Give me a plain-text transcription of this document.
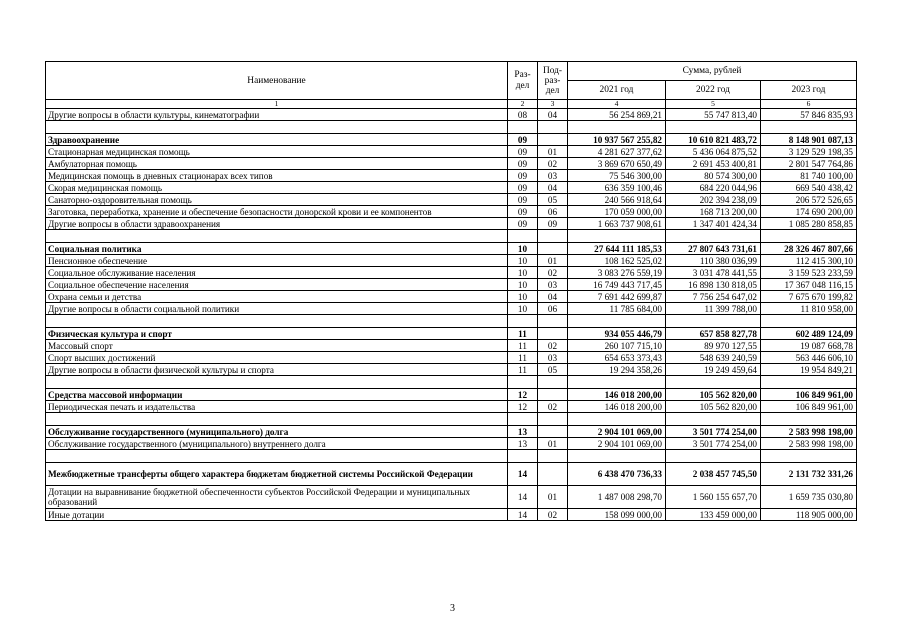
Наименование	Раз-дел	Под-раз-дел	Сумма, рублей		
			2021 год	2022 год	2023 год
1	2	3	4	5	6
Другие вопросы в области культуры, кинематографии	08	04	56 254 869,21	55 747 813,40	57 846 835,93

Здравоохранение	09		10 937 567 255,82	10 610 821 483,72	8 148 901 087,13
Стационарная медицинская помощь	09	01	4 281 627 377,62	5 436 064 875,52	3 129 529 198,35
Амбулаторная помощь	09	02	3 869 670 650,49	2 691 453 400,81	2 801 547 764,86
Медицинская помощь в дневных стационарах всех типов	09	03	75 546 300,00	80 574 300,00	81 740 100,00
Скорая медицинская помощь	09	04	636 359 100,46	684 220 044,96	669 540 438,42
Санаторно-оздоровительная помощь	09	05	240 566 918,64	202 394 238,09	206 572 526,65
Заготовка, переработка, хранение и обеспечение безопасности донорской крови и ее компонентов	09	06	170 059 000,00	168 713 200,00	174 690 200,00
Другие вопросы в области здравоохранения	09	09	1 663 737 908,61	1 347 401 424,34	1 085 280 858,85

Социальная политика	10		27 644 111 185,53	27 807 643 731,61	28 326 467 807,66
Пенсионное обеспечение	10	01	108 162 525,02	110 380 036,99	112 415 300,10
Социальное обслуживание населения	10	02	3 083 276 559,19	3 031 478 441,55	3 159 523 233,59
Социальное обеспечение населения	10	03	16 749 443 717,45	16 898 130 818,05	17 367 048 116,15
Охрана семьи и детства	10	04	7 691 442 699,87	7 756 254 647,02	7 675 670 199,82
Другие вопросы в области социальной политики	10	06	11 785 684,00	11 399 788,00	11 810 958,00

Физическая культура и спорт	11		934 055 446,79	657 858 827,78	602 489 124,09
Массовый спорт	11	02	260 107 715,10	89 970 127,55	19 087 668,78
Спорт высших достижений	11	03	654 653 373,43	548 639 240,59	563 446 606,10
Другие вопросы в области физической культуры и спорта	11	05	19 294 358,26	19 249 459,64	19 954 849,21

Средства массовой информации	12		146 018 200,00	105 562 820,00	106 849 961,00
Периодическая печать и издательства	12	02	146 018 200,00	105 562 820,00	106 849 961,00

Обслуживание государственного (муниципального) долга	13		2 904 101 069,00	3 501 774 254,00	2 583 998 198,00
Обслуживание государственного (муниципального) внутреннего долга	13	01	2 904 101 069,00	3 501 774 254,00	2 583 998 198,00

Межбюджетные трансферты общего характера бюджетам бюджетной системы Российской Федерации	14		6 438 470 736,33	2 038 457 745,50	2 131 732 331,26
Дотации на выравнивание бюджетной обеспеченности субъектов Российской Федерации и муниципальных образований	14	01	1 487 008 298,70	1 560 155 657,70	1 659 735 030,80
Иные дотации	14	02	158 099 000,00	133 459 000,00	118 905 000,00
3
